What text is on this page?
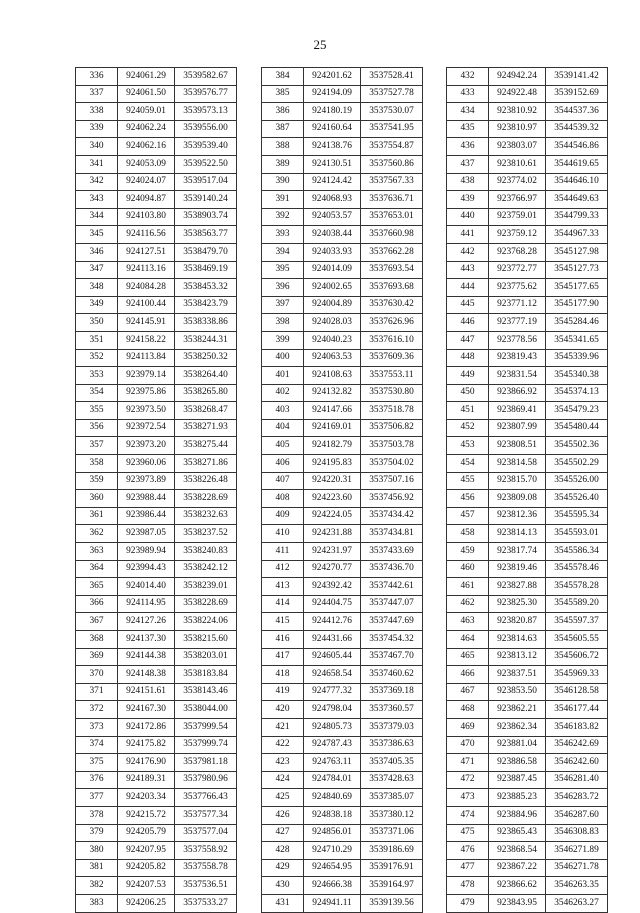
25
336	924061.29	3539582.67
337	924061.50	3539576.77
338	924059.01	3539573.13
339	924062.24	3539556.00
340	924062.16	3539539.40
341	924053.09	3539522.50
342	924024.07	3539517.04
343	924094.87	3539140.24
344	924103.80	3538903.74
345	924116.56	3538563.77
346	924127.51	3538479.70
347	924113.16	3538469.19
348	924084.28	3538453.32
349	924100.44	3538423.79
350	924145.91	3538338.86
351	924158.22	3538244.31
352	924113.84	3538250.32
353	923979.14	3538264.40
354	923975.86	3538265.80
355	923973.50	3538268.47
356	923972.54	3538271.93
357	923973.20	3538275.44
358	923960.06	3538271.86
359	923973.89	3538226.48
360	923988.44	3538228.69
361	923986.44	3538232.63
362	923987.05	3538237.52
363	923989.94	3538240.83
364	923994.43	3538242.12
365	924014.40	3538239.01
366	924114.95	3538228.69
367	924127.26	3538224.06
368	924137.30	3538215.60
369	924144.38	3538203.01
370	924148.38	3538183.84
371	924151.61	3538143.46
372	924167.30	3538044.00
373	924172.86	3537999.54
374	924175.82	3537999.74
375	924176.90	3537981.18
376	924189.31	3537980.96
377	924203.34	3537766.43
378	924215.72	3537577.34
379	924205.79	3537577.04
380	924207.95	3537558.92
381	924205.82	3537558.78
382	924207.53	3537536.51
383	924206.25	3537533.27
384	924201.62	3537528.41
385	924194.09	3537527.78
386	924180.19	3537530.07
387	924160.64	3537541.95
388	924138.76	3537554.87
389	924130.51	3537560.86
390	924124.42	3537567.33
391	924068.93	3537636.71
392	924053.57	3537653.01
393	924038.44	3537660.98
394	924033.93	3537662.28
395	924014.09	3537693.54
396	924002.65	3537693.68
397	924004.89	3537630.42
398	924028.03	3537626.96
399	924040.23	3537616.10
400	924063.53	3537609.36
401	924108.63	3537553.11
402	924132.82	3537530.80
403	924147.66	3537518.78
404	924169.01	3537506.82
405	924182.79	3537503.78
406	924195.83	3537504.02
407	924220.31	3537507.16
408	924223.60	3537456.92
409	924224.05	3537434.42
410	924231.88	3537434.81
411	924231.97	3537433.69
412	924270.77	3537436.70
413	924392.42	3537442.61
414	924404.75	3537447.07
415	924412.76	3537447.69
416	924431.66	3537454.32
417	924605.44	3537467.70
418	924658.54	3537460.62
419	924777.32	3537369.18
420	924798.04	3537360.57
421	924805.73	3537379.03
422	924787.43	3537386.63
423	924763.11	3537405.35
424	924784.01	3537428.63
425	924840.69	3537385.07
426	924838.18	3537380.12
427	924856.01	3537371.06
428	924710.29	3539186.69
429	924654.95	3539176.91
430	924666.38	3539164.97
431	924941.11	3539139.56
432	924942.24	3539141.42
433	924922.48	3539152.69
434	923810.92	3544537.36
435	923810.97	3544539.32
436	923803.07	3544546.86
437	923810.61	3544619.65
438	923774.02	3544646.10
439	923766.97	3544649.63
440	923759.01	3544799.33
441	923759.12	3544967.33
442	923768.28	3545127.98
443	923772.77	3545127.73
444	923775.62	3545177.65
445	923771.12	3545177.90
446	923777.19	3545284.46
447	923778.56	3545341.65
448	923819.43	3545339.96
449	923831.54	3545340.38
450	923866.92	3545374.13
451	923869.41	3545479.23
452	923807.99	3545480.44
453	923808.51	3545502.36
454	923814.58	3545502.29
455	923815.70	3545526.00
456	923809.08	3545526.40
457	923812.36	3545595.34
458	923814.13	3545593.01
459	923817.74	3545586.34
460	923819.46	3545578.46
461	923827.88	3545578.28
462	923825.30	3545589.20
463	923820.87	3545597.37
464	923814.63	3545605.55
465	923813.12	3545606.72
466	923837.51	3545969.33
467	923853.50	3546128.58
468	923862.21	3546177.44
469	923862.34	3546183.82
470	923881.04	3546242.69
471	923886.58	3546242.60
472	923887.45	3546281.40
473	923885.23	3546283.72
474	923884.96	3546287.60
475	923865.43	3546308.83
476	923868.54	3546271.89
477	923867.22	3546271.78
478	923866.62	3546263.35
479	923843.95	3546263.27
